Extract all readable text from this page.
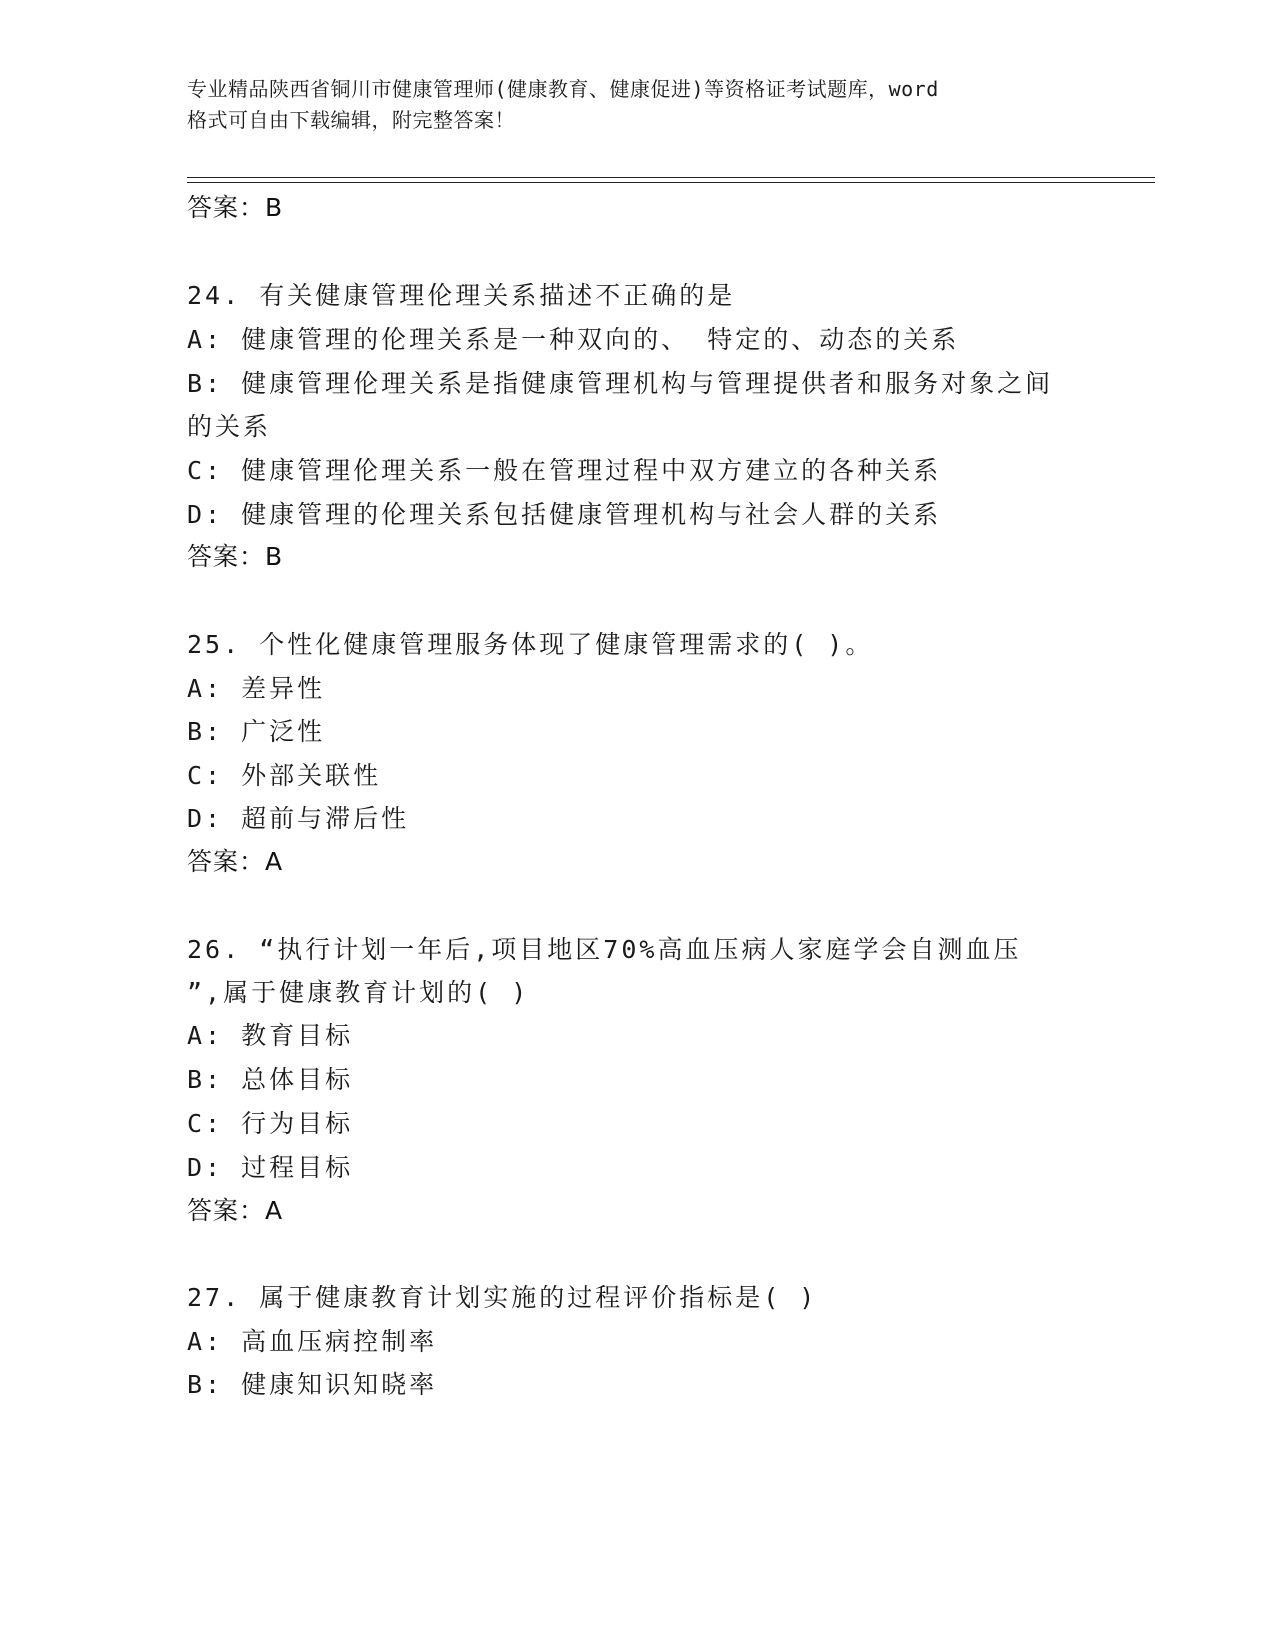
专业精品陕西省铜川市健康管理师(健康教育、健康促进)等资格证考试题库，word
格式可自由下载编辑，附完整答案！
答案：B
24. 有关健康管理伦理关系描述不正确的是
A: 健康管理的伦理关系是一种双向的、 特定的、动态的关系
B: 健康管理伦理关系是指健康管理机构与管理提供者和服务对象之间
的关系
C: 健康管理伦理关系一般在管理过程中双方建立的各种关系
D: 健康管理的伦理关系包括健康管理机构与社会人群的关系
答案：B
25. 个性化健康管理服务体现了健康管理需求的( )。
A: 差异性
B: 广泛性
C: 外部关联性
D: 超前与滞后性
答案：A
26. “执行计划一年后,项目地区70%高血压病人家庭学会自测血压
”,属于健康教育计划的( )
A: 教育目标
B: 总体目标
C: 行为目标
D: 过程目标
答案：A
27. 属于健康教育计划实施的过程评价指标是( )
A: 高血压病控制率
B: 健康知识知晓率
